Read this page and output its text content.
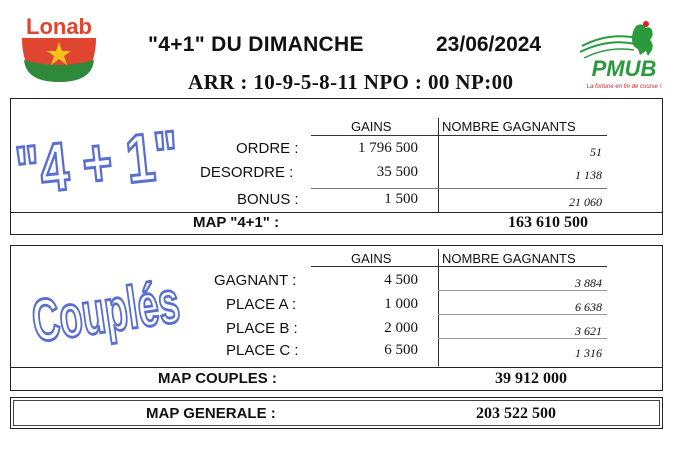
Lonab
"4+1" DU DIMANCHE	23/06/2024
ARR : 10-9-5-8-11 NPO : 00 NP:00
PMUB
La fortune en fin de course !
"4 + 1"	GAINS	NOMBRE GAGNANTS
ORDRE :	1 796 500	51
DESORDRE :	35 500	1 138
BONUS :	1 500	21 060
MAP "4+1" :	163 610 500
Couplés
GAINS	NOMBRE GAGNANTS
GAGNANT :	4 500	3 884
PLACE A :	1 000	6 638
PLACE B :	2 000	3 621
PLACE C :	6 500	1 316
MAP COUPLES :	39 912 000
MAP GENERALE :	203 522 500
